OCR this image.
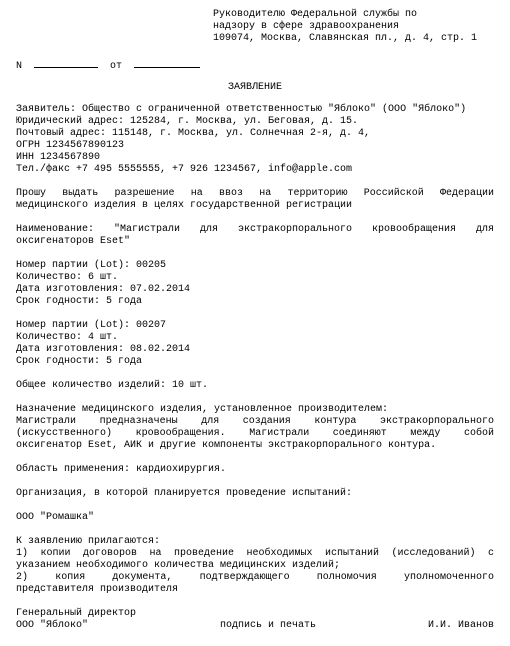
Руководителю Федеральной службы по
надзору в сфере здравоохранения
109074, Москва, Славянская пл., д. 4, стр. 1
N	от
ЗАЯВЛЕНИЕ

Заявитель: Общество с ограниченной ответственностью "Яблоко" (ООО "Яблоко")

Юридический адрес: 125284, г. Москва, ул. Беговая, д. 15.

Почтовый адрес: 115148, г. Москва, ул. Солнечная 2-я, д. 4,

ОГРН 1234567890123

ИНН 1234567890

Тел./факс +7 495 5555555, +7 926 1234567, info@apple.com

Прошу выдать разрешение на ввоз на территорию Российской Федерации

медицинского изделия в целях государственной регистрации

Наименование: "Магистрали для экстракорпорального кровообращения для

оксигенаторов Eset"

Номер партии (Lot): 00205

Количество: 6 шт.

Дата изготовления: 07.02.2014

Срок годности: 5 года

Номер партии (Lot): 00207

Количество: 4 шт.

Дата изготовления: 08.02.2014

Срок годности: 5 года

Общее количество изделий: 10 шт.

Назначение медицинского изделия, установленное производителем:

Магистрали предназначены для создания контура экстракорпорального

(искусственного) кровообращения. Магистрали соединяют между собой

оксигенатор Eset, АИК и другие компоненты экстракорпорального контура.

Область применения: кардиохирургия.

Организация, в которой планируется проведение испытаний:

ООО "Ромашка"

К заявлению прилагаются:

1) копии договоров на проведение необходимых испытаний (исследований) с

указанием необходимого количества медицинских изделий;

2) копия документа, подтверждающего полномочия уполномоченного

представителя производителя

Генеральный директор

ООО "Яблоко"	подпись и печать	И.И. Иванов
